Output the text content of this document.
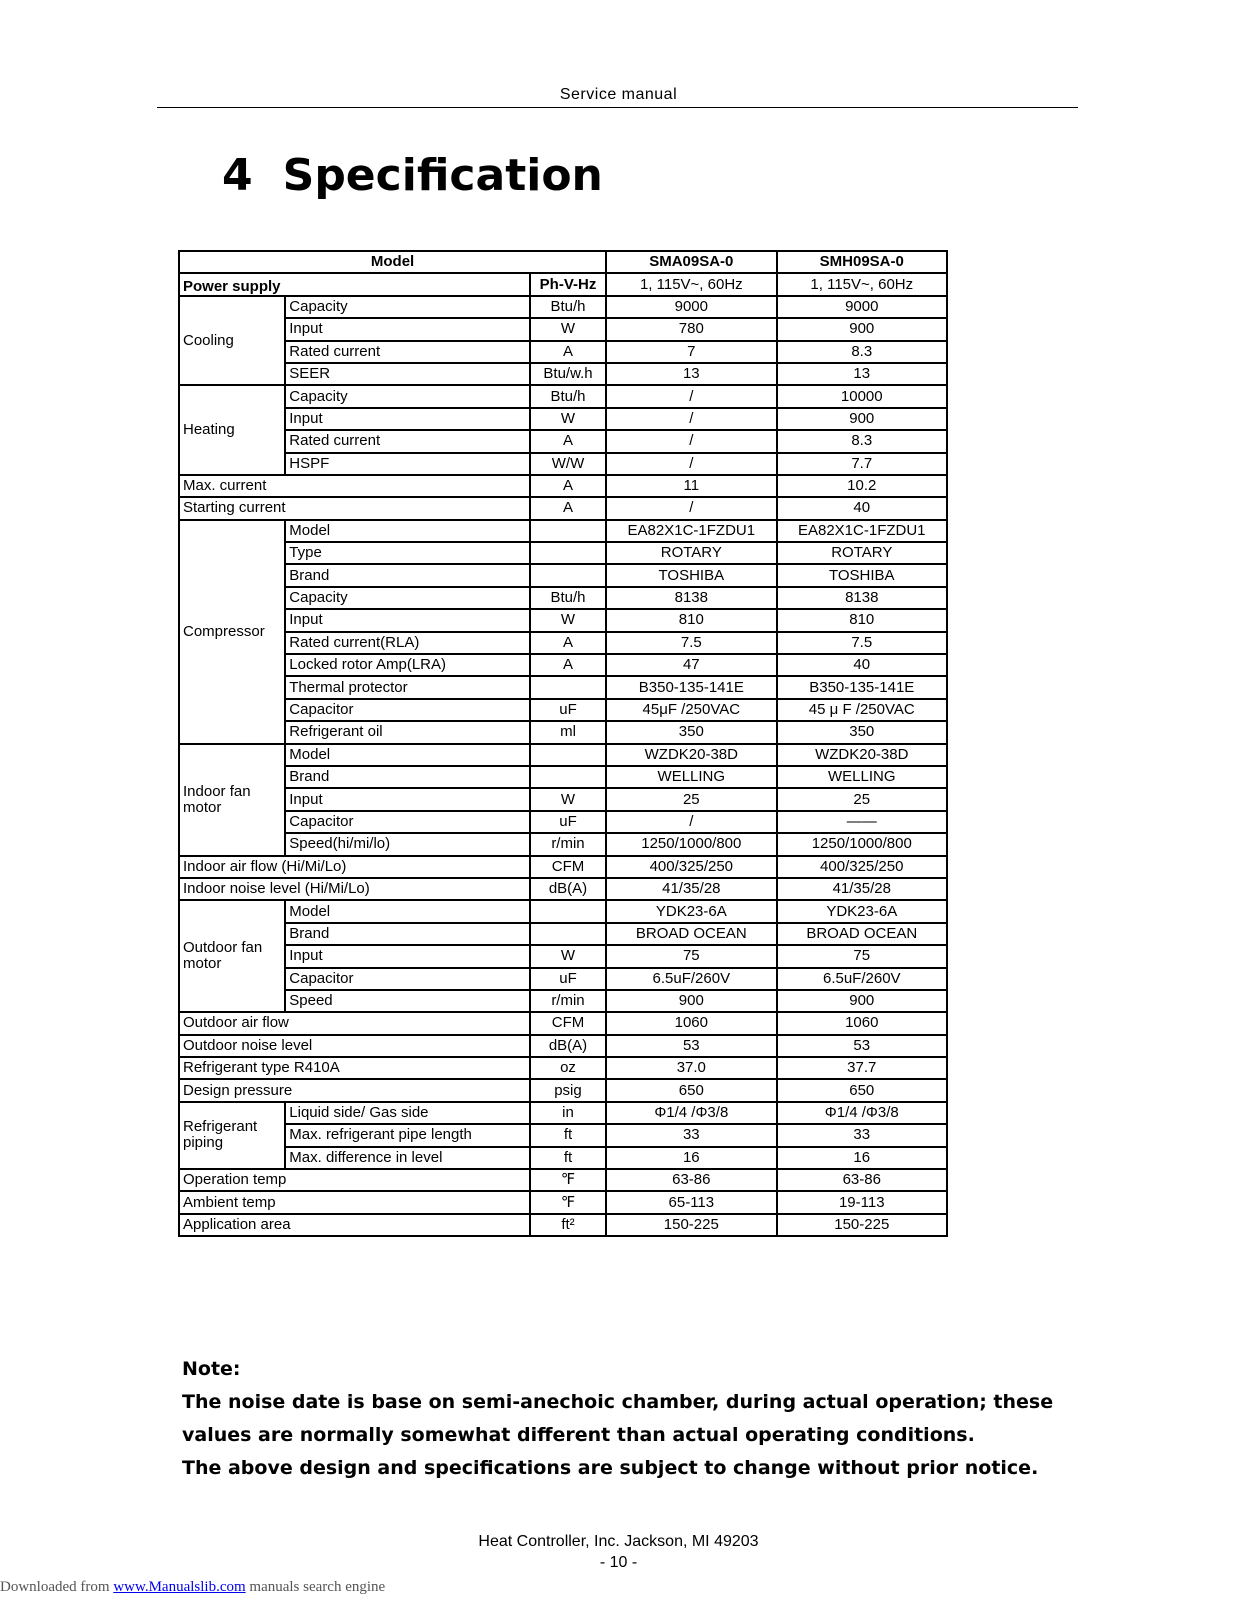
Service manual
4 Specification
Model			SMA09SA-0	SMH09SA-0
Power supply		Ph-V-Hz	1, 115V~, 60Hz	1, 115V~, 60Hz
Cooling	Capacity	Btu/h	9000	9000
	Input	W	780	900
	Rated current	A	7	8.3
	SEER	Btu/w.h	13	13
Heating	Capacity	Btu/h	/	10000
	Input	W	/	900
	Rated current	A	/	8.3
	HSPF	W/W	/	7.7
Max. current		A	11	10.2
Starting current		A	/	40
Compressor	Model		EA82X1C-1FZDU1	EA82X1C-1FZDU1
	Type		ROTARY	ROTARY
	Brand		TOSHIBA	TOSHIBA
	Capacity	Btu/h	8138	8138
	Input	W	810	810
	Rated current(RLA)	A	7.5	7.5
	Locked rotor Amp(LRA)	A	47	40
	Thermal protector		B350-135-141E	B350-135-141E
	Capacitor	uF	45μF /250VAC	45 μ F /250VAC
	Refrigerant oil	ml	350	350
Indoor fan motor	Model		WZDK20-38D	WZDK20-38D
	Brand		WELLING	WELLING
	Input	W	25	25
	Capacitor	uF	/	——
	Speed(hi/mi/lo)	r/min	1250/1000/800	1250/1000/800
Indoor air flow (Hi/Mi/Lo)		CFM	400/325/250	400/325/250
Indoor noise level (Hi/Mi/Lo)		dB(A)	41/35/28	41/35/28
Outdoor fan motor	Model		YDK23-6A	YDK23-6A
	Brand		BROAD OCEAN	BROAD OCEAN
	Input	W	75	75
	Capacitor	uF	6.5uF/260V	6.5uF/260V
	Speed	r/min	900	900
Outdoor air flow		CFM	1060	1060
Outdoor noise level		dB(A)	53	53
Refrigerant type R410A		oz	37.0	37.7
Design pressure		psig	650	650
Refrigerant piping	Liquid side/ Gas side	in	Φ1/4 /Φ3/8	Φ1/4 /Φ3/8
	Max. refrigerant pipe length	ft	33	33
	Max. difference in level	ft	16	16
Operation temp		℉	63-86	63-86
Ambient temp		℉	65-113	19-113
Application area		ft²	150-225	150-225

Note:

The noise date is base on semi-anechoic chamber, during actual operation; these values are normally somewhat different than actual operating conditions.

The above design and specifications are subject to change without prior notice.

Heat Controller, Inc. Jackson, MI 49203
- 10 -
Downloaded from www.Manualslib.com manuals search engine
